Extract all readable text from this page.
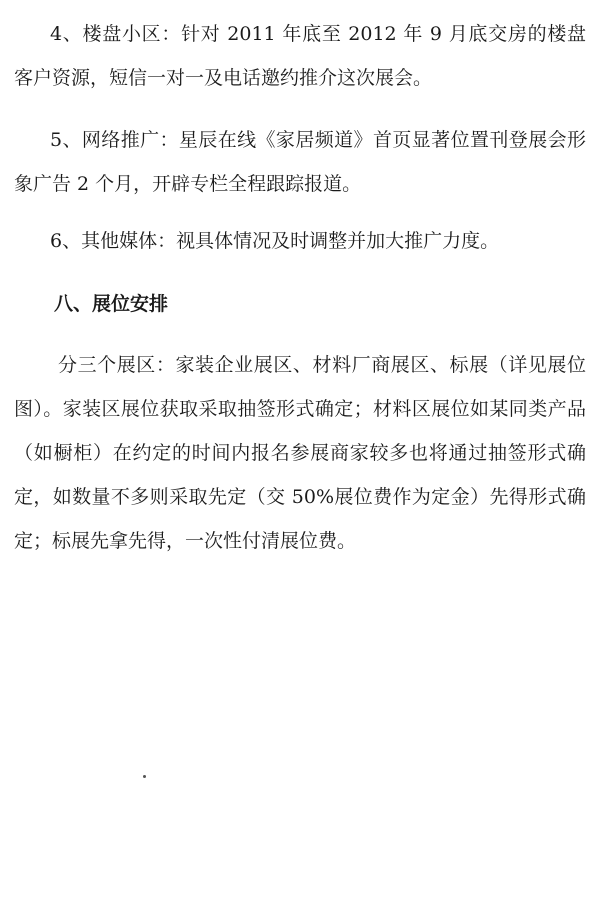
4、楼盘小区：针对 2011 年底至 2012 年 9 月底交房的楼盘客户资源，短信一对一及电话邀约推介这次展会。

5、网络推广：星辰在线《家居频道》首页显著位置刊登展会形象广告 2 个月，开辟专栏全程跟踪报道。

6、其他媒体：视具体情况及时调整并加大推广力度。

八、展位安排

分三个展区：家装企业展区、材料厂商展区、标展（详见展位图）。家装区展位获取采取抽签形式确定；材料区展位如某同类产品（如橱柜）在约定的时间内报名参展商家较多也将通过抽签形式确定，如数量不多则采取先定（交 50%展位费作为定金）先得形式确定；标展先拿先得，一次性付清展位费。
